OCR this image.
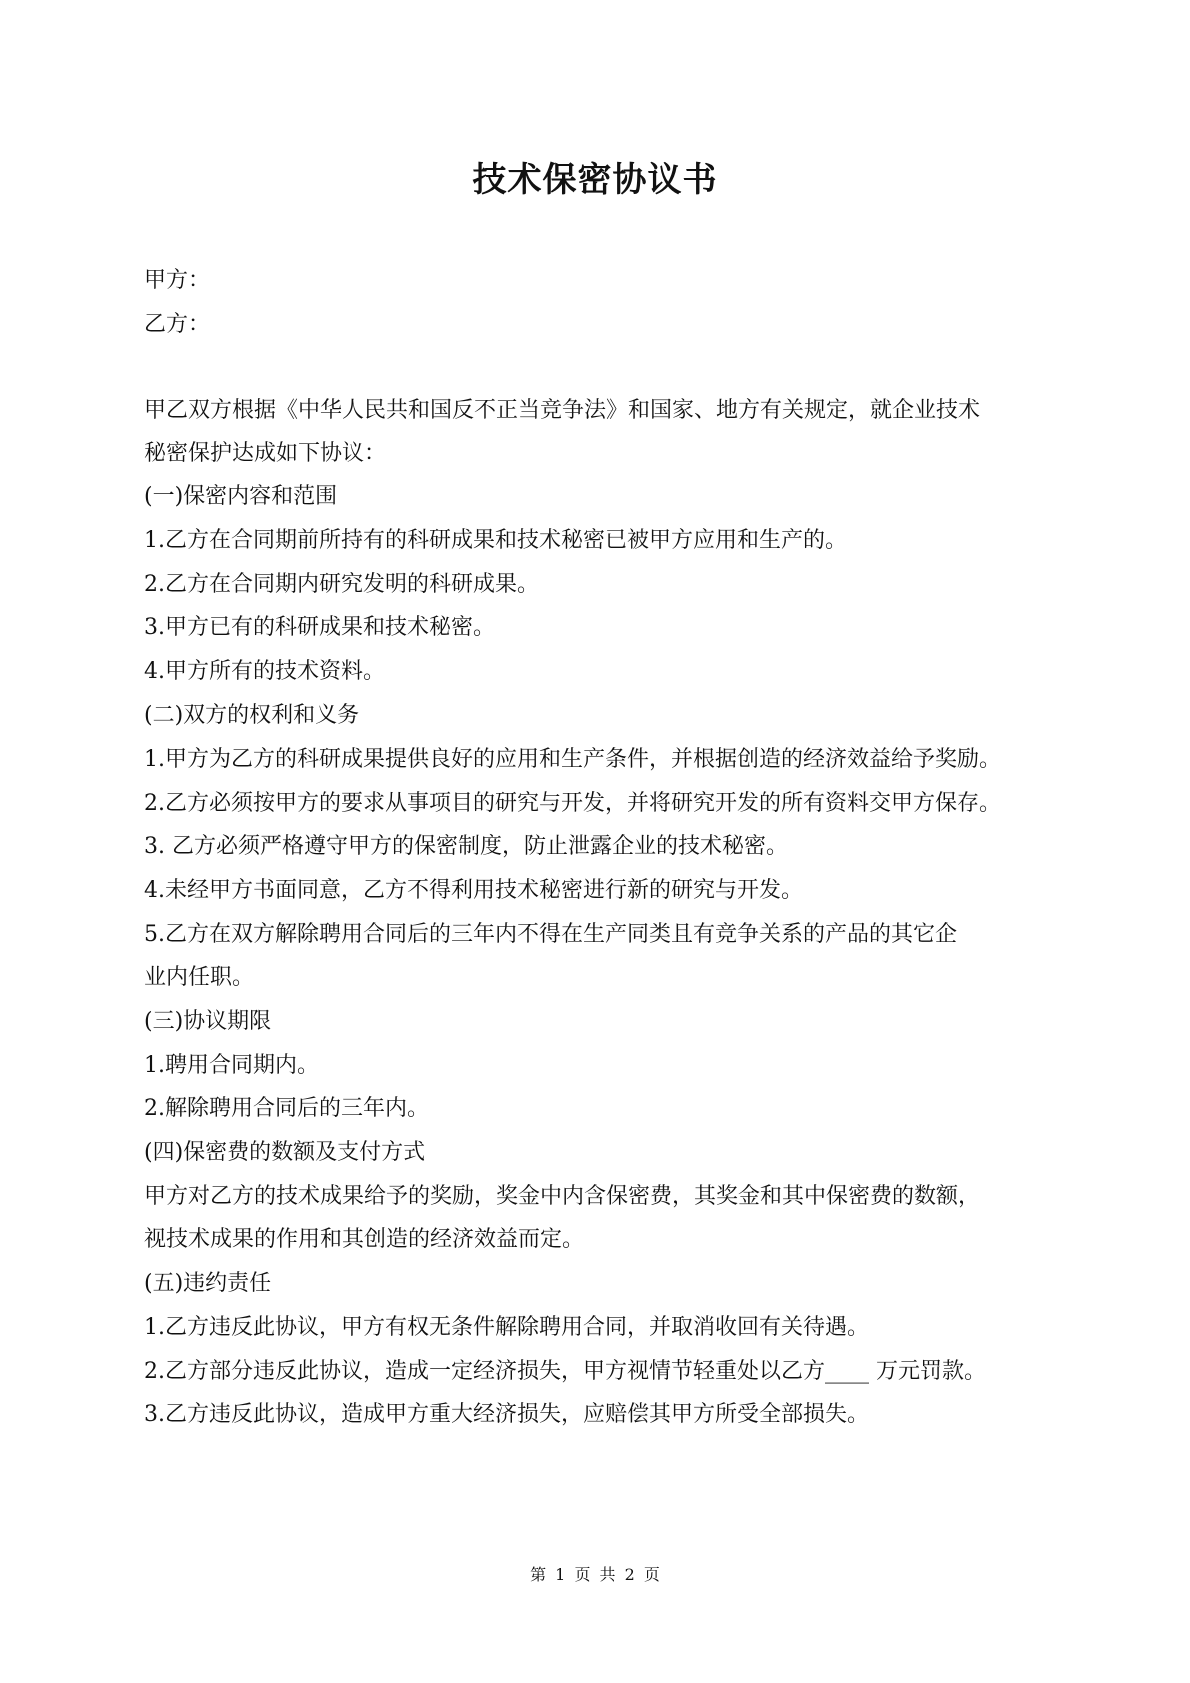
技术保密协议书

甲方：

乙方：

甲乙双方根据《中华人民共和国反不正当竞争法》和国家、地方有关规定，就企业技术

秘密保护达成如下协议：

(一)保密内容和范围

1.乙方在合同期前所持有的科研成果和技术秘密已被甲方应用和生产的。

2.乙方在合同期内研究发明的科研成果。

3.甲方已有的科研成果和技术秘密。

4.甲方所有的技术资料。

(二)双方的权利和义务

1.甲方为乙方的科研成果提供良好的应用和生产条件，并根据创造的经济效益给予奖励。

2.乙方必须按甲方的要求从事项目的研究与开发，并将研究开发的所有资料交甲方保存。

3. 乙方必须严格遵守甲方的保密制度，防止泄露企业的技术秘密。

4.未经甲方书面同意，乙方不得利用技术秘密进行新的研究与开发。

5.乙方在双方解除聘用合同后的三年内不得在生产同类且有竞争关系的产品的其它企

业内任职。

(三)协议期限

1.聘用合同期内。

2.解除聘用合同后的三年内。

(四)保密费的数额及支付方式

甲方对乙方的技术成果给予的奖励，奖金中内含保密费，其奖金和其中保密费的数额，

视技术成果的作用和其创造的经济效益而定。

(五)违约责任

1.乙方违反此协议，甲方有权无条件解除聘用合同，并取消收回有关待遇。

2.乙方部分违反此协议，造成一定经济损失，甲方视情节轻重处以乙方____ 万元罚款。

3.乙方违反此协议，造成甲方重大经济损失，应赔偿其甲方所受全部损失。

第 1 页 共 2 页
